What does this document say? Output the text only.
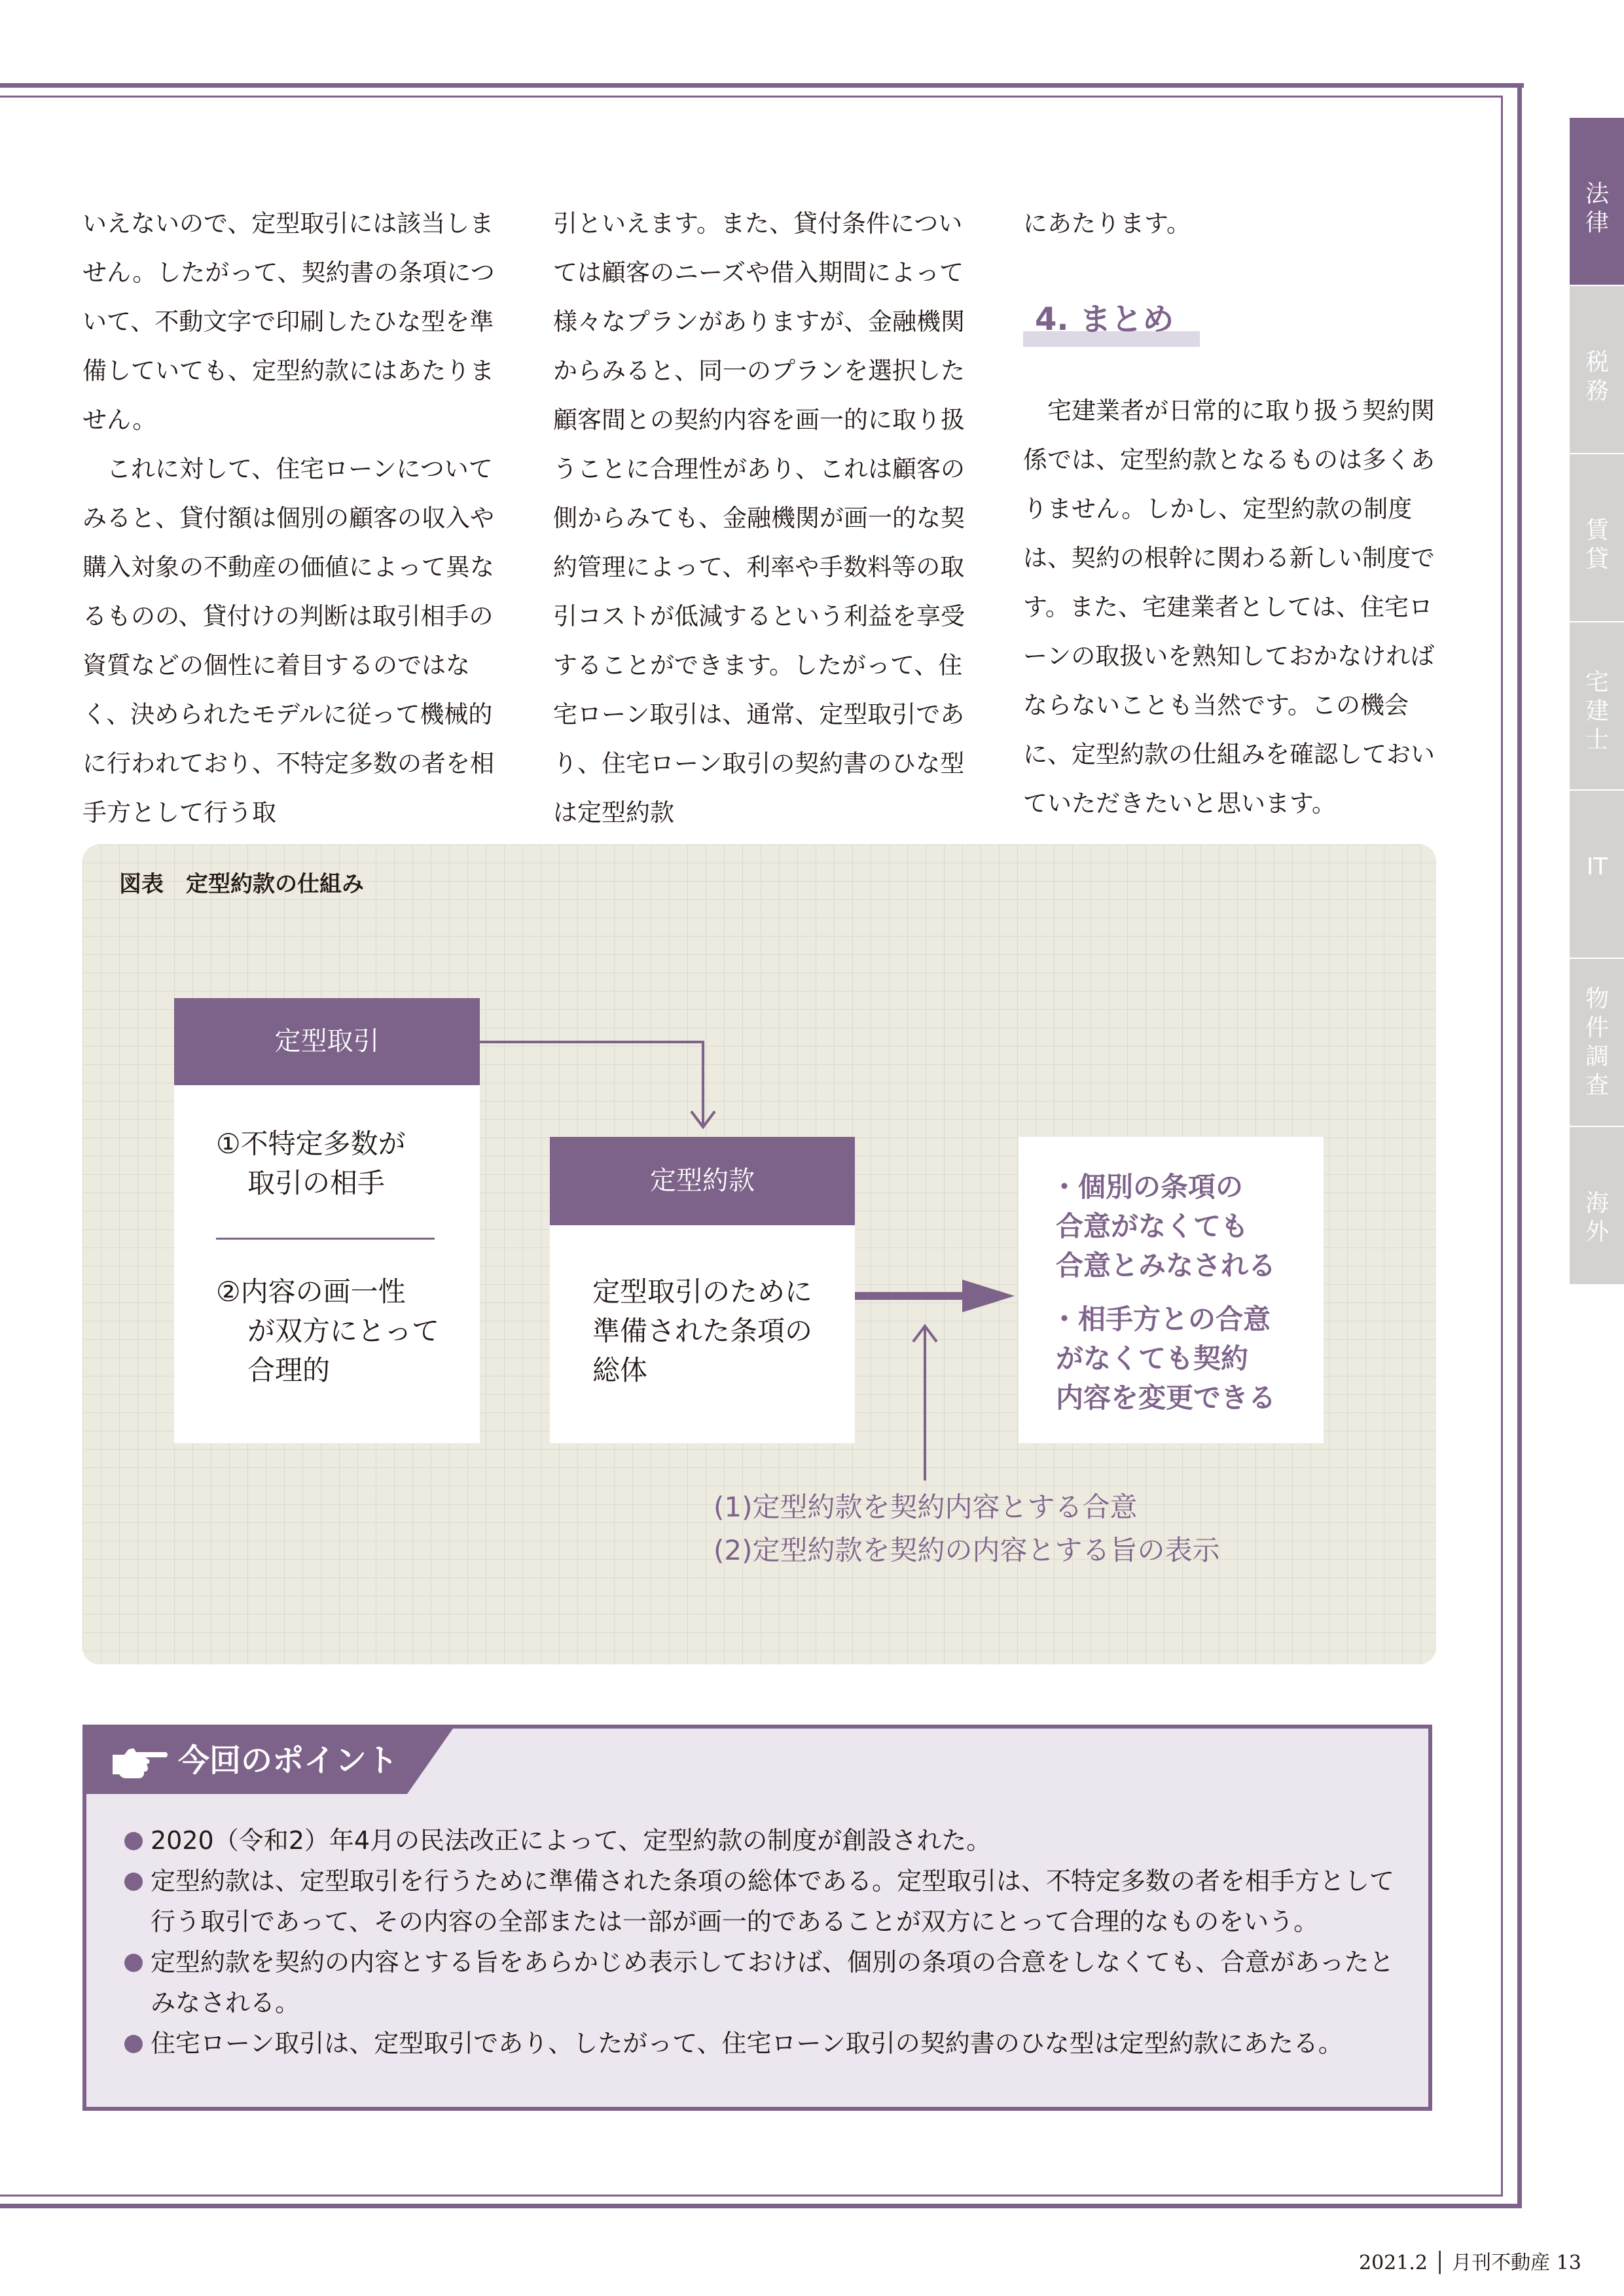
法律
税務
賃貸
宅建士
IT
物件調査
海外

いえないので、定型取引には該当しません。したがって、契約書の条項について、不動文字で印刷したひな型を準備していても、定型約款にはあたりません。

これに対して、住宅ローンについてみると、貸付額は個別の顧客の収入や購入対象の不動産の価値によって異なるものの、貸付けの判断は取引相手の資質などの個性に着目するのではなく、決められたモデルに従って機械的に行われており、不特定多数の者を相手方として行う取

引といえます。また、貸付条件については顧客のニーズや借入期間によって様々なプランがありますが、金融機関からみると、同一のプランを選択した顧客間との契約内容を画一的に取り扱うことに合理性があり、これは顧客の側からみても、金融機関が画一的な契約管理によって、利率や手数料等の取引コストが低減するという利益を享受することができます。したがって、住宅ローン取引は、通常、定型取引であり、住宅ローン取引の契約書のひな型は定型約款

にあたります。

4. まとめ

宅建業者が日常的に取り扱う契約関係では、定型約款となるものは多くありません。しかし、定型約款の制度は、契約の根幹に関わる新しい制度です。また、宅建業者としては、住宅ローンの取扱いを熟知しておかなければならないことも当然です。この機会に、定型約款の仕組みを確認しておいていただきたいと思います。

図表　定型約款の仕組み
定型取引

①不特定多数が

取引の相手

②内容の画一性

が双方にとって

合理的

定型約款

定型取引のために

準備された条項の

総体

・個別の条項の

合意がなくても

合意とみなされる

・相手方との合意

がなくても契約

内容を変更できる

(1)定型約款を契約内容とする合意

(2)定型約款を契約の内容とする旨の表示

今回のポイント
2020（令和2）年4月の民法改正によって、定型約款の制度が創設された。
定型約款は、定型取引を行うために準備された条項の総体である。定型取引は、不特定多数の者を相手方として行う取引であって、その内容の全部または一部が画一的であることが双方にとって合理的なものをいう。
定型約款を契約の内容とする旨をあらかじめ表示しておけば、個別の条項の合意をしなくても、合意があったとみなされる。
住宅ローン取引は、定型取引であり、したがって、住宅ローン取引の契約書のひな型は定型約款にあたる。
2021.2 │ 月刊不動産 13
